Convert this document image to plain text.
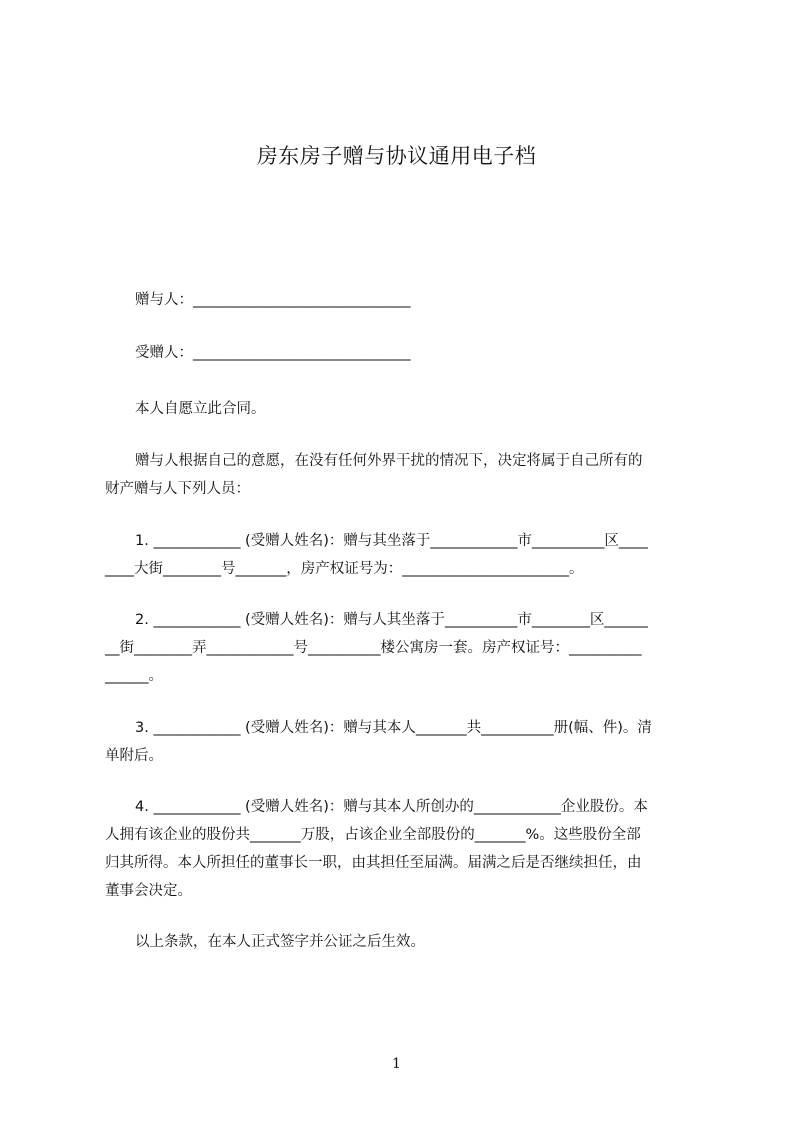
房东房子赠与协议通用电子档
赠与人：______________________________
受赠人：______________________________
本人自愿立此合同。
赠与人根据自己的意愿，在没有任何外界干扰的情况下，决定将属于自己所有的
财产赠与人下列人员：
1. ____________ (受赠人姓名)：赠与其坐落于____________市__________区____
____大街________号_______，房产权证号为：_______________________。
2. ____________ (受赠人姓名)：赠与人其坐落于__________市________区______
__街________弄____________号__________楼公寓房一套。房产权证号：__________
______。
3. ____________ (受赠人姓名)：赠与其本人_______共__________册(幅、件)。清
单附后。
4. ____________ (受赠人姓名)：赠与其本人所创办的____________企业股份。本
人拥有该企业的股份共_______万股，占该企业全部股份的_______%。这些股份全部
归其所得。本人所担任的董事长一职，由其担任至届满。届满之后是否继续担任，由
董事会决定。
以上条款，在本人正式签字并公证之后生效。
1
